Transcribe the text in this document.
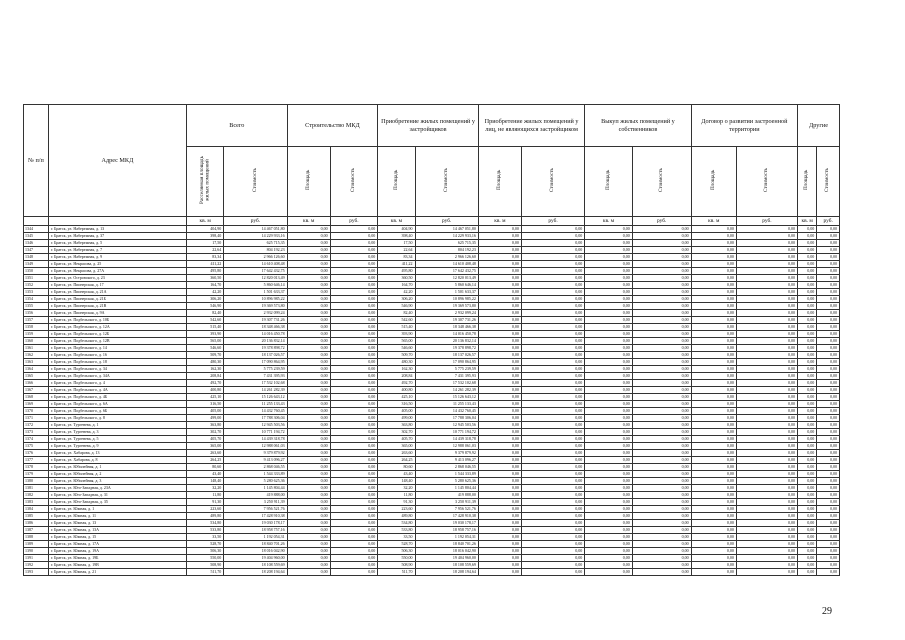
№ п/п	Адрес МКД	Всего		Строительство МКД		Приобретение жилых помещений у застройщиков		Приобретение жилых помещений у лиц, не являющихся застройщиком		Выкуп жилых помещений у собственников		Договор о развитии застроенной территории		Другие	
		Расселяемая площадь жилых помещений	Стоимость	Площадь	Стоимость	Площадь	Стоимость	Площадь	Стоимость	Площадь	Стоимость	Площадь	Стоимость	Площадь	Стоимость
		кв. м	руб.	кв. м	руб.	кв. м	руб.	кв. м	руб.	кв. м	руб.	кв. м	руб.	кв. м	руб.
1344	г. Братск, ул. Набережная, д. 13	404,90	14 467 051,80	0,00	0,00	404,90	14 467 051,80	0,00	0,00	0,00	0,00	0,00	0,00	0,00	0,00
1345	г. Братск, ул. Набережная, д. 37	398,40	14 229 933,16	0,00	0,00	398,40	14 229 933,16	0,00	0,00	0,00	0,00	0,00	0,00	0,00	0,00
1346	г. Братск, ул. Набережная, д. 5	17,50	625 715,35	0,00	0,00	17,50	625 715,35	0,00	0,00	0,00	0,00	0,00	0,00	0,00	0,00
1347	г. Братск, ул. Набережная, д. 7	22,64	804 192,23	0,00	0,00	22,64	804 192,23	0,00	0,00	0,00	0,00	0,00	0,00	0,00	0,00
1348	г. Братск, ул. Набережная, д. 9	83,34	2 966 126,60	0,00	0,00	83,34	2 966 126,60	0,00	0,00	0,00	0,00	0,00	0,00	0,00	0,00
1349	г. Братск, ул. Некрасова, д. 25	411,22	14 610 408,48	0,00	0,00	411,22	14 610 408,48	0,00	0,00	0,00	0,00	0,00	0,00	0,00	0,00
1350	г. Братск, ул. Некрасова, д. 27А	495,80	17 642 432,75	0,00	0,00	495,80	17 642 432,75	0,00	0,00	0,00	0,00	0,00	0,00	0,00	0,00
1351	г. Братск, ул. Островского, д. 23	360,50	12 820 013,49	0,00	0,00	360,50	12 820 013,49	0,00	0,00	0,00	0,00	0,00	0,00	0,00	0,00
1352	г. Братск, ул. Пионерская, д. 17	164,70	5 860 646,14	0,00	0,00	164,70	5 860 646,14	0,00	0,00	0,00	0,00	0,00	0,00	0,00	0,00
1353	г. Братск, ул. Пионерская, д. 21А	42,20	1 501 633,37	0,00	0,00	42,20	1 501 633,37	0,00	0,00	0,00	0,00	0,00	0,00	0,00	0,00
1354	г. Братск, ул. Пионерская, д. 21Б	306,20	10 896 985,22	0,00	0,00	306,20	10 896 985,22	0,00	0,00	0,00	0,00	0,00	0,00	0,00	0,00
1355	г. Братск, ул. Пионерская, д. 21В	546,90	19 369 573,80	0,00	0,00	546,90	19 369 573,80	0,00	0,00	0,00	0,00	0,00	0,00	0,00	0,00
1356	г. Братск, ул. Пионерская, д. 9А	82,40	2 932 099,24	0,00	0,00	82,40	2 932 099,24	0,00	0,00	0,00	0,00	0,00	0,00	0,00	0,00
1357	г. Братск, ул. Подбельского, д. 10Б	542,60	19 307 731,26	0,00	0,00	542,60	19 307 731,26	0,00	0,00	0,00	0,00	0,00	0,00	0,00	0,00
1358	г. Братск, ул. Подбельского, д. 12А	515,40	18 348 466,38	0,00	0,00	515,40	18 348 466,38	0,00	0,00	0,00	0,00	0,00	0,00	0,00	0,00
1359	г. Братск, ул. Подбельского, д. 12Б	393,90	14 016 450,78	0,00	0,00	393,90	14 016 450,78	0,00	0,00	0,00	0,00	0,00	0,00	0,00	0,00
1360	г. Братск, ул. Подбельского, д. 12В	565,00	20 136 832,14	0,00	0,00	565,00	20 136 832,14	0,00	0,00	0,00	0,00	0,00	0,00	0,00	0,00
1361	г. Братск, ул. Подбельского, д. 14	546,60	19 378 898,72	0,00	0,00	546,60	19 378 898,72	0,00	0,00	0,00	0,00	0,00	0,00	0,00	0,00
1362	г. Братск, ул. Подбельского, д. 16	509,70	18 137 026,57	0,00	0,00	509,70	18 137 026,57	0,00	0,00	0,00	0,00	0,00	0,00	0,00	0,00
1363	г. Братск, ул. Подбельского, д. 18	480,30	17 090 864,95	0,00	0,00	480,30	17 090 864,95	0,00	0,00	0,00	0,00	0,00	0,00	0,00	0,00
1364	г. Братск, ул. Подбельского, д. 34	162,30	5 775 239,59	0,00	0,00	162,30	5 775 239,59	0,00	0,00	0,00	0,00	0,00	0,00	0,00	0,00
1365	г. Братск, ул. Подбельского, д. 34А	208,84	7 431 395,93	0,00	0,00	208,84	7 431 395,93	0,00	0,00	0,00	0,00	0,00	0,00	0,00	0,00
1366	г. Братск, ул. Подбельского, д. 4	492,70	17 532 102,68	0,00	0,00	492,70	17 532 102,68	0,00	0,00	0,00	0,00	0,00	0,00	0,00	0,00
1367	г. Братск, ул. Подбельского, д. 4А	400,80	14 261 282,39	0,00	0,00	400,80	14 261 282,39	0,00	0,00	0,00	0,00	0,00	0,00	0,00	0,00
1368	г. Братск, ул. Подбельского, д. 4Б	425,10	15 126 643,12	0,00	0,00	425,10	15 126 643,12	0,00	0,00	0,00	0,00	0,00	0,00	0,00	0,00
1369	г. Братск, ул. Подбельского, д. 6А	316,50	11 255 133,43	0,00	0,00	316,50	11 255 133,43	0,00	0,00	0,00	0,00	0,00	0,00	0,00	0,00
1370	г. Братск, ул. Подбельского, д. 6Б	405,00	14 432 760,45	0,00	0,00	405,00	14 432 760,45	0,00	0,00	0,00	0,00	0,00	0,00	0,00	0,00
1371	г. Братск, ул. Подбельского, д. 8	499,00	17 788 306,04	0,00	0,00	499,00	17 788 306,04	0,00	0,00	0,00	0,00	0,00	0,00	0,00	0,00
1372	г. Братск, ул. Тургенева, д. 1	363,80	12 945 503,56	0,00	0,00	363,80	12 945 503,56	0,00	0,00	0,00	0,00	0,00	0,00	0,00	0,00
1373	г. Братск, ул. Тургенева, д. 3	302,70	10 771 194,72	0,00	0,00	302,70	10 771 194,72	0,00	0,00	0,00	0,00	0,00	0,00	0,00	0,00
1374	г. Братск, ул. Тургенева, д. 5	405,70	14 439 318,78	0,00	0,00	405,70	14 439 318,78	0,00	0,00	0,00	0,00	0,00	0,00	0,00	0,00
1375	г. Братск, ул. Тургенева, д. 9	365,00	12 988 061,03	0,00	0,00	365,00	12 988 061,03	0,00	0,00	0,00	0,00	0,00	0,00	0,00	0,00
1376	г. Братск, ул. Хабарова, д. 13	263,60	9 379 879,92	0,00	0,00	263,60	9 379 879,92	0,00	0,00	0,00	0,00	0,00	0,00	0,00	0,00
1377	г. Братск, ул. Хабарова, д. 8	264,25	9 413 096,27	0,00	0,00	264,25	9 413 096,27	0,00	0,00	0,00	0,00	0,00	0,00	0,00	0,00
1378	г. Братск, ул. Юбилейная, д. 1	80,60	2 868 046,55	0,00	0,00	80,60	2 868 046,55	0,00	0,00	0,00	0,00	0,00	0,00	0,00	0,00
1379	г. Братск, ул. Юбилейная, д. 2	43,40	1 544 333,89	0,00	0,00	43,40	1 544 333,89	0,00	0,00	0,00	0,00	0,00	0,00	0,00	0,00
1380	г. Братск, ул. Юбилейная, д. 3	148,40	5 280 625,36	0,00	0,00	148,40	5 280 625,36	0,00	0,00	0,00	0,00	0,00	0,00	0,00	0,00
1381	г. Братск, ул. Юго-Западная, д. 23А	32,20	1 145 804,44	0,00	0,00	32,20	1 145 804,44	0,00	0,00	0,00	0,00	0,00	0,00	0,00	0,00
1382	г. Братск, ул. Юго-Западная, д. 31	11,80	419 888,00	0,00	0,00	11,80	419 888,00	0,00	0,00	0,00	0,00	0,00	0,00	0,00	0,00
1383	г. Братск, ул. Юго-Западная, д. 35	91,30	3 250 911,39	0,00	0,00	91,30	3 250 911,39	0,00	0,00	0,00	0,00	0,00	0,00	0,00	0,00
1384	г. Братск, ул. Южная, д. 1	223,60	7 956 521,76	0,00	0,00	223,60	7 956 521,76	0,00	0,00	0,00	0,00	0,00	0,00	0,00	0,00
1385	г. Братск, ул. Южная, д. 11	489,80	17 428 910,38	0,00	0,00	489,80	17 428 910,38	0,00	0,00	0,00	0,00	0,00	0,00	0,00	0,00
1386	г. Братск, ул. Южная, д. 13	534,80	19 030 178,17	0,00	0,00	534,80	19 030 178,17	0,00	0,00	0,00	0,00	0,00	0,00	0,00	0,00
1387	г. Братск, ул. Южная, д. 13А	533,80	18 958 757,16	0,00	0,00	533,80	18 958 757,16	0,00	0,00	0,00	0,00	0,00	0,00	0,00	0,00
1388	г. Братск, ул. Южная, д. 15	33,50	1 192 054,31	0,00	0,00	33,50	1 192 054,31	0,00	0,00	0,00	0,00	0,00	0,00	0,00	0,00
1389	г. Братск, ул. Южная, д. 17А	528,70	18 840 701,26	0,00	0,00	528,70	18 840 701,26	0,00	0,00	0,00	0,00	0,00	0,00	0,00	0,00
1390	г. Братск, ул. Южная, д. 19А	506,30	18 016 042,90	0,00	0,00	506,30	18 016 042,90	0,00	0,00	0,00	0,00	0,00	0,00	0,00	0,00
1391	г. Братск, ул. Южная, д. 19Б	550,00	19 404 960,00	0,00	0,00	550,00	19 404 960,00	0,00	0,00	0,00	0,00	0,00	0,00	0,00	0,00
1392	г. Братск, ул. Южная, д. 19В	508,90	18 108 559,69	0,00	0,00	508,90	18 108 559,69	0,00	0,00	0,00	0,00	0,00	0,00	0,00	0,00
1393	г. Братск, ул. Южная, д. 21	511,70	18 208 194,64	0,00	0,00	511,70	18 208 194,64	0,00	0,00	0,00	0,00	0,00	0,00	0,00	0,00
29
